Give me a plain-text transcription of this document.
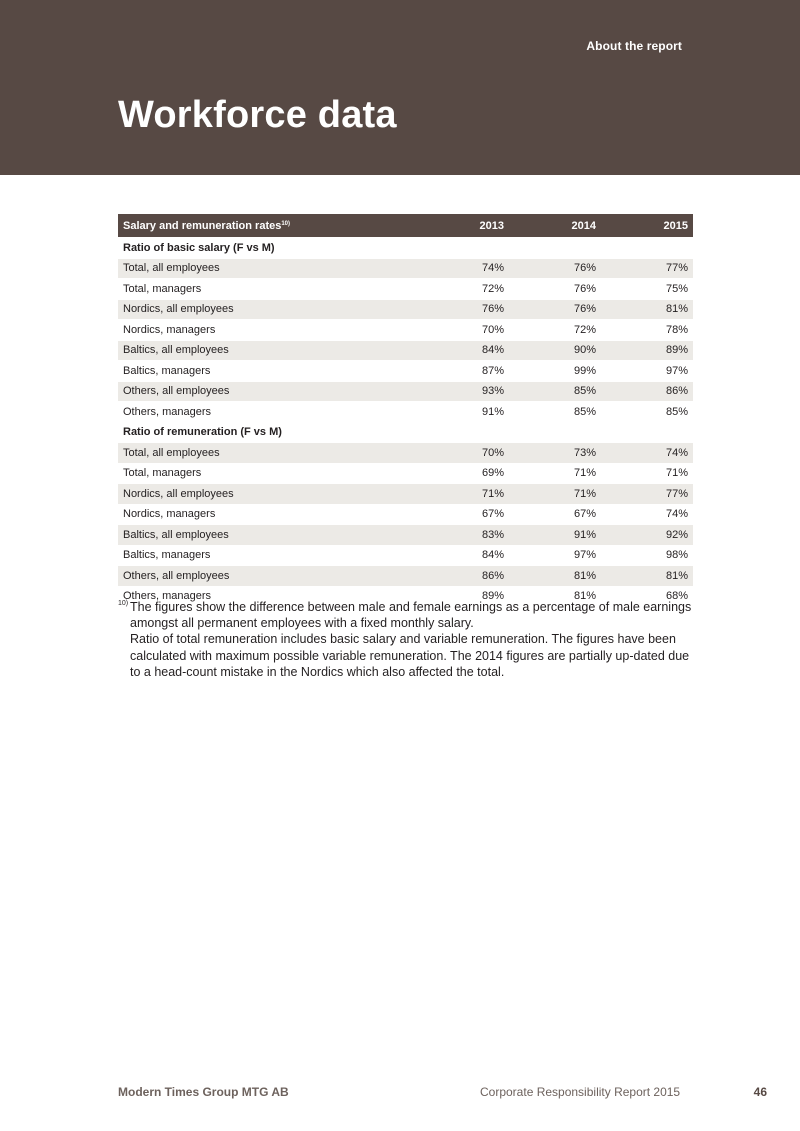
About the report
Workforce data
Salary and remuneration rates$^{10)}$	2013	2014	2015
Ratio of basic salary (F vs M)			
Total, all employees	74%	76%	77%
Total, managers	72%	76%	75%
Nordics, all employees	76%	76%	81%
Nordics, managers	70%	72%	78%
Baltics, all employees	84%	90%	89%
Baltics, managers	87%	99%	97%
Others, all employees	93%	85%	86%
Others, managers	91%	85%	85%
Ratio of remuneration (F vs M)			
Total, all employees	70%	73%	74%
Total, managers	69%	71%	71%
Nordics, all employees	71%	71%	77%
Nordics, managers	67%	67%	74%
Baltics, all employees	83%	91%	92%
Baltics, managers	84%	97%	98%
Others, all employees	86%	81%	81%
Others, managers	89%	81%	68%
10) The figures show the difference between male and female earnings as a percentage of male earnings amongst all permanent employees with a fixed monthly salary.

Ratio of total remuneration includes basic salary and variable remuneration. The figures have been calculated with maximum possible variable remuneration. The 2014 figures are partially up-dated due to a head-count mistake in the Nordics which also affected the total.

Modern Times Group MTG AB	Corporate Responsibility Report 2015	46
